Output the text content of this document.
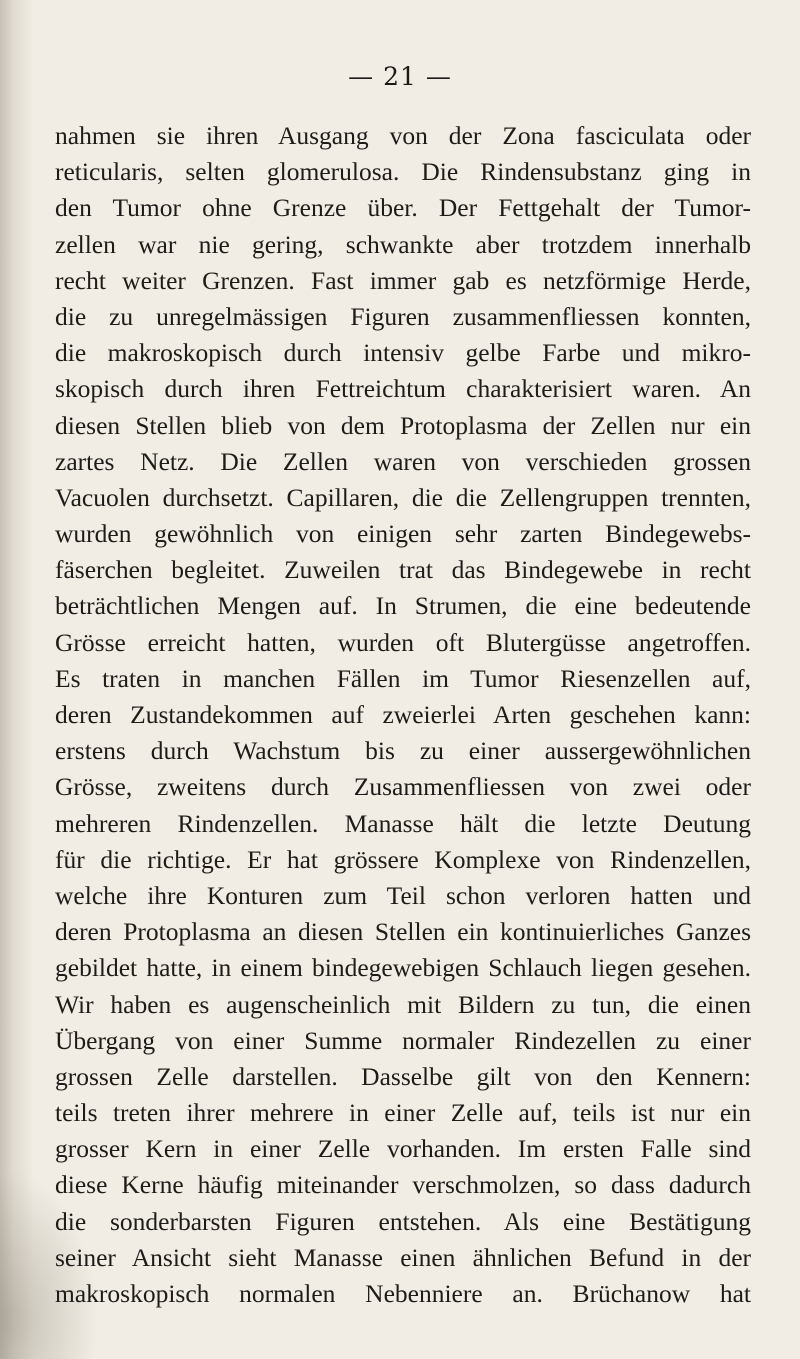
— 21 —
nahmen sie ihren Ausgang von der Zona fasciculata oder
reticularis, selten glomerulosa. Die Rindensubstanz ging in
den Tumor ohne Grenze über. Der Fettgehalt der Tumor-
zellen war nie gering, schwankte aber trotzdem innerhalb
recht weiter Grenzen. Fast immer gab es netzförmige Herde,
die zu unregelmässigen Figuren zusammenfliessen konnten,
die makroskopisch durch intensiv gelbe Farbe und mikro-
skopisch durch ihren Fettreichtum charakterisiert waren. An
diesen Stellen blieb von dem Protoplasma der Zellen nur ein
zartes Netz. Die Zellen waren von verschieden grossen
Vacuolen durchsetzt. Capillaren, die die Zellengruppen trennten,
wurden gewöhnlich von einigen sehr zarten Bindegewebs-
fäserchen begleitet. Zuweilen trat das Bindegewebe in recht
beträchtlichen Mengen auf. In Strumen, die eine bedeutende
Grösse erreicht hatten, wurden oft Blutergüsse angetroffen.
Es traten in manchen Fällen im Tumor Riesenzellen auf,
deren Zustandekommen auf zweierlei Arten geschehen kann:
erstens durch Wachstum bis zu einer aussergewöhnlichen
Grösse, zweitens durch Zusammenfliessen von zwei oder
mehreren Rindenzellen. Manasse hält die letzte Deutung
für die richtige. Er hat grössere Komplexe von Rindenzellen,
welche ihre Konturen zum Teil schon verloren hatten und
deren Protoplasma an diesen Stellen ein kontinuierliches Ganzes
gebildet hatte, in einem bindegewebigen Schlauch liegen gesehen.
Wir haben es augenscheinlich mit Bildern zu tun, die einen
Übergang von einer Summe normaler Rindezellen zu einer
grossen Zelle darstellen. Dasselbe gilt von den Kennern:
teils treten ihrer mehrere in einer Zelle auf, teils ist nur ein
grosser Kern in einer Zelle vorhanden. Im ersten Falle sind
diese Kerne häufig miteinander verschmolzen, so dass dadurch
die sonderbarsten Figuren entstehen. Als eine Bestätigung
seiner Ansicht sieht Manasse einen ähnlichen Befund in der
makroskopisch normalen Nebenniere an. Brüchanow hat
